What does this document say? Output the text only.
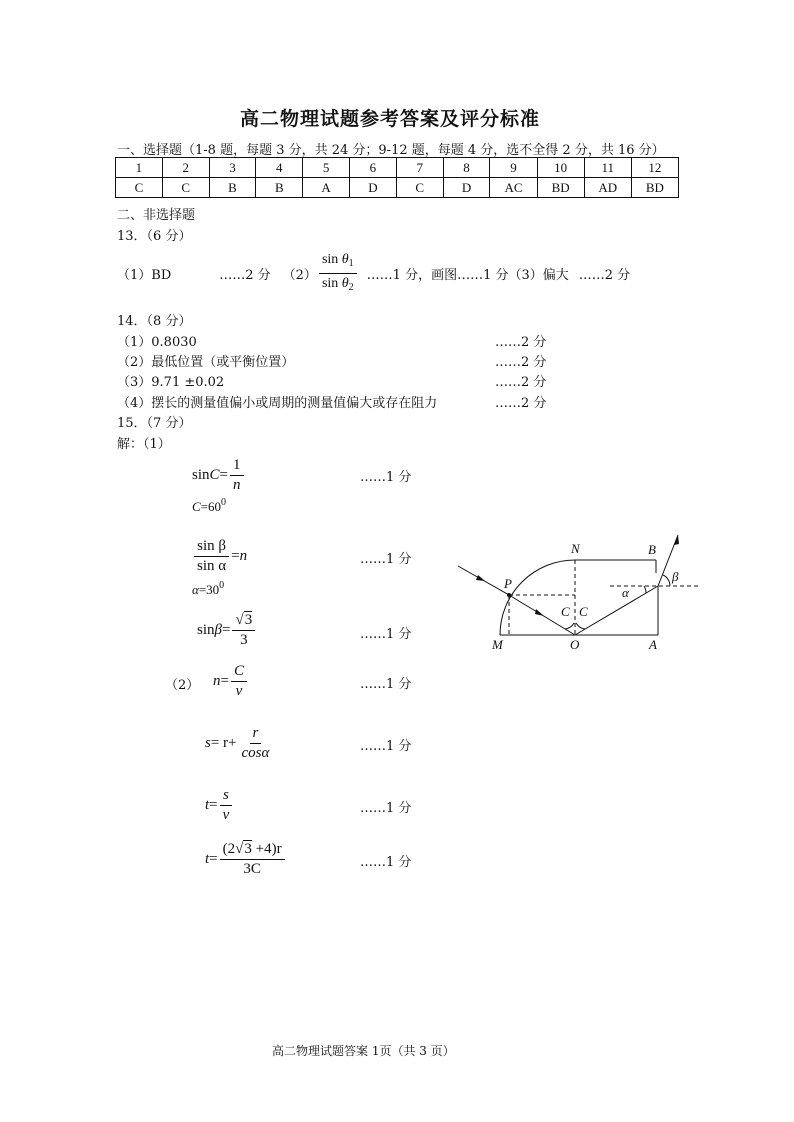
高二物理试题参考答案及评分标准
一、选择题（1-8 题，每题 3 分，共 24 分；9-12 题，每题 4 分，选不全得 2 分，共 16 分）
1	2	3	4	5	6	7	8	9	10	11	12
C	C	B	B	A	D	C	D	AC	BD	AD	BD
二、非选择题
13．（6 分）
（1）BD	……2 分 $(2) \frac{\sin \theta_1}{\sin \theta_2}$ ……1 分 ，画图……1 分（3）偏大 ……2 分
14．（8 分）
（1）0.8030	……2 分
（2）最低位置（或平衡位置）	……2 分
（3）9.71 ±0.02	……2 分
（4）摆长的测量值偏小或周期的测量值偏大或存在阻力	……2 分
15．（7 分）
解：（1）
$\sin C = \frac{1}{n}$	……1 分
$C=60^0$
$\frac{\text{sin β}}{\text{sin α}} = n$	……1 分
$\alpha=30^0$
$\sin \beta = \frac{√3}{3}$	……1 分
（2） $n = \frac{C}{v}$	……1 分
$s = r+ \frac{r}{\cos\alpha}$	……1 分
$t = \frac{s}{v}$	……1 分
$t = \frac{(2√3 +4)r}{3C}$	……1 分
N	B
P
M	O	A
C C
α
β
高二物理试题答案 1页（共 3 页）
